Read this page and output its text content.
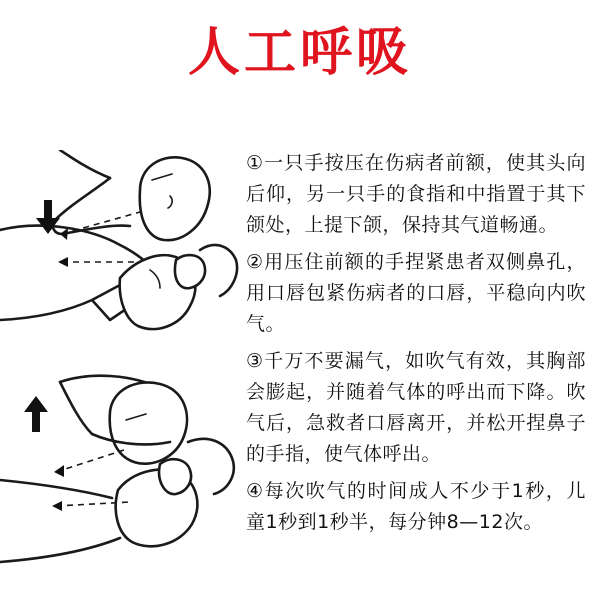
人工呼吸

①一只手按压在伤病者前额，使其头向后仰，另一只手的食指和中指置于其下颌处，上提下颌，保持其气道畅通。

②用压住前额的手捏紧患者双侧鼻孔，用口唇包紧伤病者的口唇，平稳向内吹气。

③千万不要漏气，如吹气有效，其胸部会膨起，并随着气体的呼出而下降。吹气后，急救者口唇离开，并松开捏鼻子的手指，使气体呼出。

④每次吹气的时间成人不少于1秒，儿童1秒到1秒半，每分钟8—12次。
